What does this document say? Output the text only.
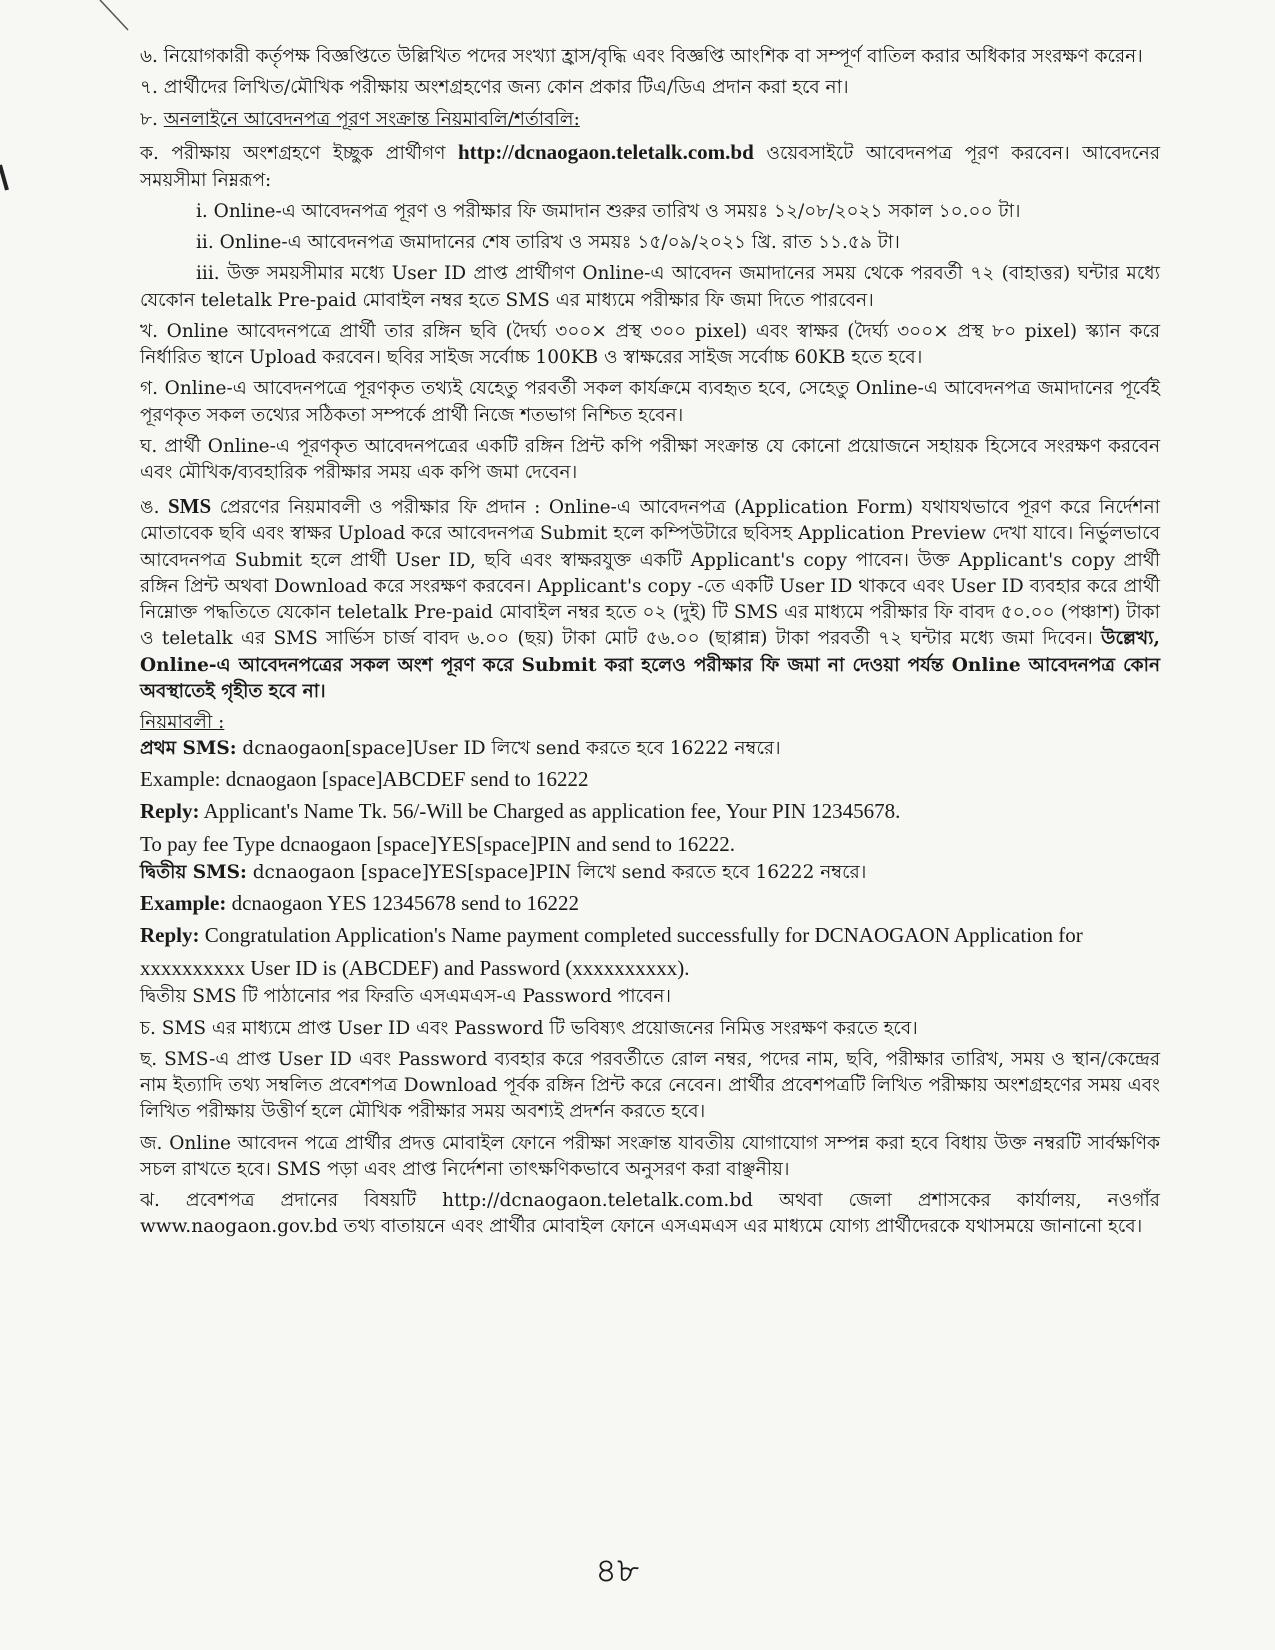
৬. নিয়োগকারী কর্তৃপক্ষ বিজ্ঞপ্তিতে উল্লিখিত পদের সংখ্যা হ্রাস/বৃদ্ধি এবং বিজ্ঞপ্তি আংশিক বা সম্পূর্ণ বাতিল করার অধিকার সংরক্ষণ করেন।

৭. প্রার্থীদের লিখিত/মৌখিক পরীক্ষায় অংশগ্রহণের জন্য কোন প্রকার টিএ/ডিএ প্রদান করা হবে না।

৮. অনলাইনে আবেদনপত্র পূরণ সংক্রান্ত নিয়মাবলি/শর্তাবলি:

ক. পরীক্ষায় অংশগ্রহণে ইচ্ছুক প্রার্থীগণ http://dcnaogaon.teletalk.com.bd ওয়েবসাইটে আবেদনপত্র পূরণ করবেন। আবেদনের সময়সীমা নিম্নরূপ:

i. Online-এ আবেদনপত্র পূরণ ও পরীক্ষার ফি জমাদান শুরুর তারিখ ও সময়ঃ ১২/০৮/২০২১ সকাল ১০.০০ টা।

ii. Online-এ আবেদনপত্র জমাদানের শেষ তারিখ ও সময়ঃ ১৫/০৯/২০২১ খ্রি. রাত ১১.৫৯ টা।

iii. উক্ত সময়সীমার মধ্যে User ID প্রাপ্ত প্রার্থীগণ Online-এ আবেদন জমাদানের সময় থেকে পরবর্তী ৭২ (বাহাত্তর) ঘন্টার মধ্যে যেকোন teletalk Pre-paid মোবাইল নম্বর হতে SMS এর মাধ্যমে পরীক্ষার ফি জমা দিতে পারবেন।

খ. Online আবেদনপত্রে প্রার্থী তার রঙ্গিন ছবি (দৈর্ঘ্য ৩০০× প্রস্থ ৩০০ pixel) এবং স্বাক্ষর (দৈর্ঘ্য ৩০০× প্রস্থ ৮০ pixel) স্ক্যান করে নির্ধারিত স্থানে Upload করবেন। ছবির সাইজ সর্বোচ্চ 100KB ও স্বাক্ষরের সাইজ সর্বোচ্চ 60KB হতে হবে।

গ. Online-এ আবেদনপত্রে পূরণকৃত তথ্যই যেহেতু পরবর্তী সকল কার্যক্রমে ব্যবহৃত হবে, সেহেতু Online-এ আবেদনপত্র জমাদানের পূর্বেই পূরণকৃত সকল তথ্যের সঠিকতা সম্পর্কে প্রার্থী নিজে শতভাগ নিশ্চিত হবেন।

ঘ. প্রার্থী Online-এ পূরণকৃত আবেদনপত্রের একটি রঙ্গিন প্রিন্ট কপি পরীক্ষা সংক্রান্ত যে কোনো প্রয়োজনে সহায়ক হিসেবে সংরক্ষণ করবেন এবং মৌখিক/ব্যবহারিক পরীক্ষার সময় এক কপি জমা দেবেন।

ঙ. SMS প্রেরণের নিয়মাবলী ও পরীক্ষার ফি প্রদান : Online-এ আবেদনপত্র (Application Form) যথাযথভাবে পূরণ করে নির্দেশনা মোতাবেক ছবি এবং স্বাক্ষর Upload করে আবেদনপত্র Submit হলে কম্পিউটারে ছবিসহ Application Preview দেখা যাবে। নির্ভুলভাবে আবেদনপত্র Submit হলে প্রার্থী User ID, ছবি এবং স্বাক্ষরযুক্ত একটি Applicant's copy পাবেন। উক্ত Applicant's copy প্রার্থী রঙ্গিন প্রিন্ট অথবা Download করে সংরক্ষণ করবেন। Applicant's copy -তে একটি User ID থাকবে এবং User ID ব্যবহার করে প্রার্থী নিম্নোক্ত পদ্ধতিতে যেকোন teletalk Pre-paid মোবাইল নম্বর হতে ০২ (দুই) টি SMS এর মাধ্যমে পরীক্ষার ফি বাবদ ৫০.০০ (পঞ্চাশ) টাকা ও teletalk এর SMS সার্ভিস চার্জ বাবদ ৬.০০ (ছয়) টাকা মোট ৫৬.০০ (ছাপ্পান্ন) টাকা পরবর্তী ৭২ ঘন্টার মধ্যে জমা দিবেন। উল্লেখ্য, Online-এ আবেদনপত্রের সকল অংশ পূরণ করে Submit করা হলেও পরীক্ষার ফি জমা না দেওয়া পর্যন্ত Online আবেদনপত্র কোন অবস্থাতেই গৃহীত হবে না।

নিয়মাবলী :

প্রথম SMS: dcnaogaon[space]User ID লিখে send করতে হবে 16222 নম্বরে।

Example: dcnaogaon [space]ABCDEF send to 16222

Reply: Applicant's Name Tk. 56/-Will be Charged as application fee, Your PIN 12345678.

To pay fee Type dcnaogaon [space]YES[space]PIN and send to 16222.

দ্বিতীয় SMS: dcnaogaon [space]YES[space]PIN লিখে send করতে হবে 16222 নম্বরে।

Example: dcnaogaon YES 12345678 send to 16222

Reply: Congratulation Application's Name payment completed successfully for DCNAOGAON Application for xxxxxxxxxx User ID is (ABCDEF) and Password (xxxxxxxxxx).

দ্বিতীয় SMS টি পাঠানোর পর ফিরতি এসএমএস-এ Password পাবেন।

চ. SMS এর মাধ্যমে প্রাপ্ত User ID এবং Password টি ভবিষ্যৎ প্রয়োজনের নিমিত্ত সংরক্ষণ করতে হবে।

ছ. SMS-এ প্রাপ্ত User ID এবং Password ব্যবহার করে পরবর্তীতে রোল নম্বর, পদের নাম, ছবি, পরীক্ষার তারিখ, সময় ও স্থান/কেন্দ্রের নাম ইত্যাদি তথ্য সম্বলিত প্রবেশপত্র Download পূর্বক রঙ্গিন প্রিন্ট করে নেবেন। প্রার্থীর প্রবেশপত্রটি লিখিত পরীক্ষায় অংশগ্রহণের সময় এবং লিখিত পরীক্ষায় উত্তীর্ণ হলে মৌখিক পরীক্ষার সময় অবশ্যই প্রদর্শন করতে হবে।

জ. Online আবেদন পত্রে প্রার্থীর প্রদত্ত মোবাইল ফোনে পরীক্ষা সংক্রান্ত যাবতীয় যোগাযোগ সম্পন্ন করা হবে বিধায় উক্ত নম্বরটি সার্বক্ষণিক সচল রাখতে হবে। SMS পড়া এবং প্রাপ্ত নির্দেশনা তাৎক্ষণিকভাবে অনুসরণ করা বাঞ্ছনীয়।

ঝ. প্রবেশপত্র প্রদানের বিষয়টি http://dcnaogaon.teletalk.com.bd অথবা জেলা প্রশাসকের কার্যালয়, নওগাঁর www.naogaon.gov.bd তথ্য বাতায়নে এবং প্রার্থীর মোবাইল ফোনে এসএমএস এর মাধ্যমে যোগ্য প্রার্থীদেরকে যথাসময়ে জানানো হবে।

৪৮
